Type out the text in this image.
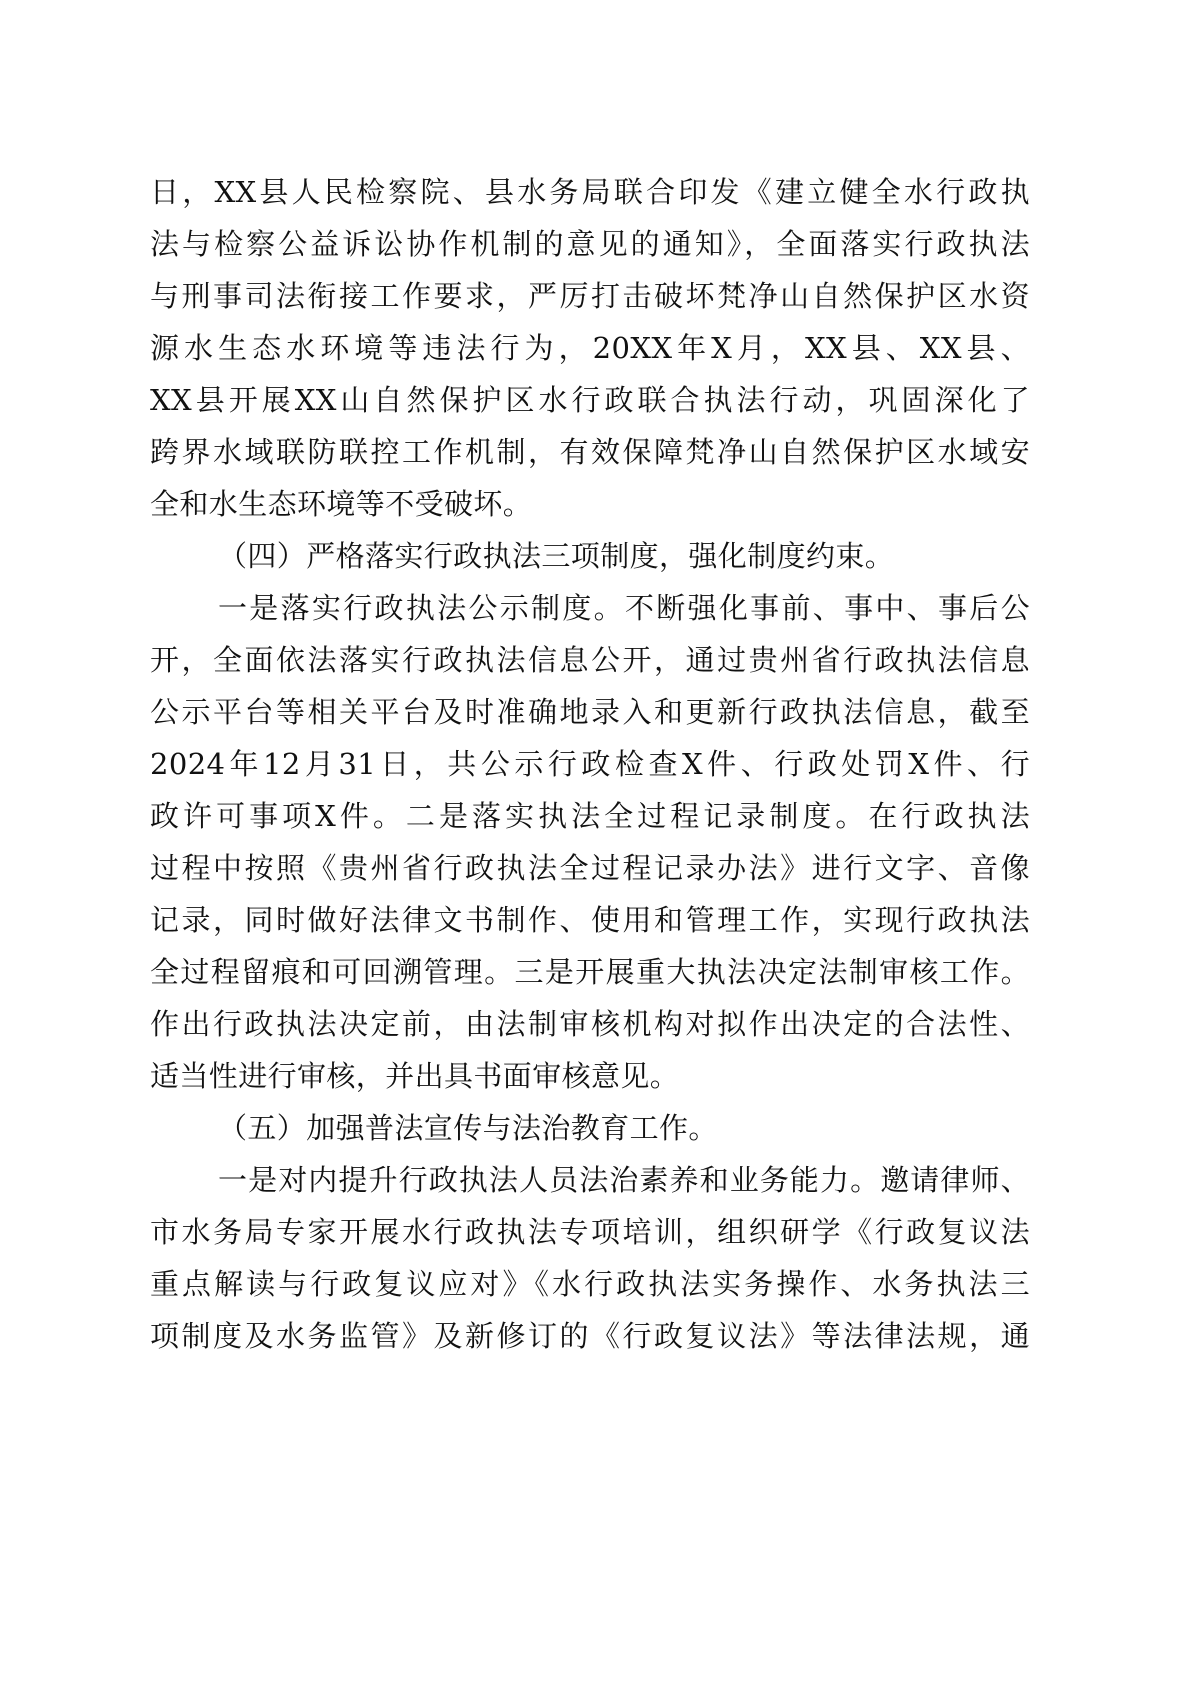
日，XX县人民检察院、县水务局联合印发《建立健全水行政执
法与检察公益诉讼协作机制的意见的通知》，全面落实行政执法
与刑事司法衔接工作要求，严厉打击破坏梵净山自然保护区水资
源水生态水环境等违法行为，20XX年X月，XX县、XX县、
XX县开展XX山自然保护区水行政联合执法行动，巩固深化了
跨界水域联防联控工作机制，有效保障梵净山自然保护区水域安
全和水生态环境等不受破坏。
（四）严格落实行政执法三项制度，强化制度约束。
一是落实行政执法公示制度。不断强化事前、事中、事后公
开，全面依法落实行政执法信息公开，通过贵州省行政执法信息
公示平台等相关平台及时准确地录入和更新行政执法信息，截至
2024年12月31日，共公示行政检查X件、行政处罚X件、行
政许可事项X件。二是落实执法全过程记录制度。在行政执法
过程中按照《贵州省行政执法全过程记录办法》进行文字、音像
记录，同时做好法律文书制作、使用和管理工作，实现行政执法
全过程留痕和可回溯管理。三是开展重大执法决定法制审核工作。
作出行政执法决定前，由法制审核机构对拟作出决定的合法性、
适当性进行审核，并出具书面审核意见。
（五）加强普法宣传与法治教育工作。
一是对内提升行政执法人员法治素养和业务能力。邀请律师、
市水务局专家开展水行政执法专项培训，组织研学《行政复议法
重点解读与行政复议应对》《水行政执法实务操作、水务执法三
项制度及水务监管》及新修订的《行政复议法》等法律法规，通
